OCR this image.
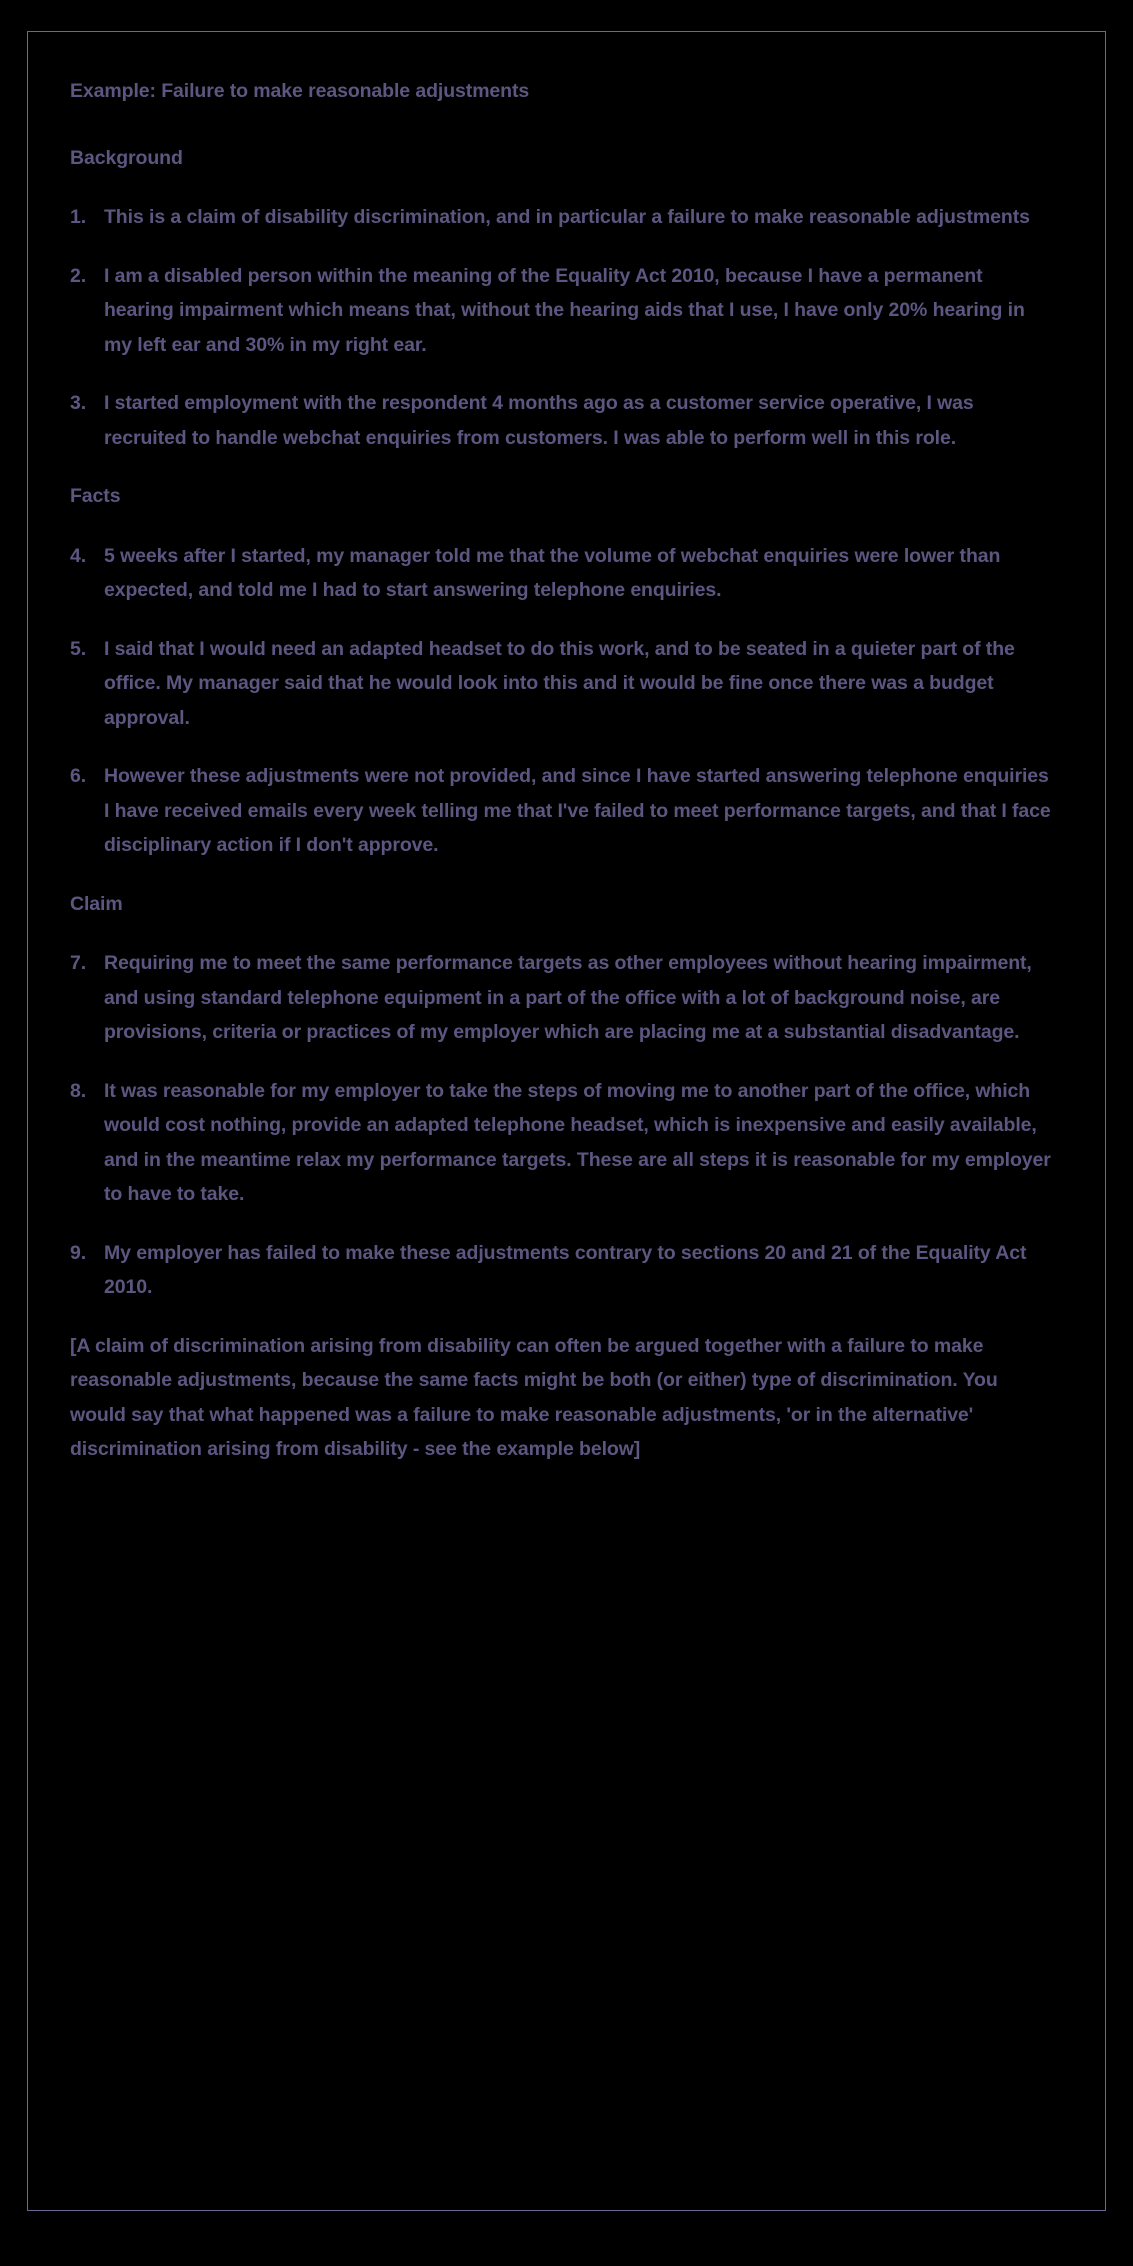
Example: Failure to make reasonable adjustments
Background
1. This is a claim of disability discrimination, and in particular a failure to make reasonable adjustments
2. I am a disabled person within the meaning of the Equality Act 2010, because I have a permanent hearing impairment which means that, without the hearing aids that I use, I have only 20% hearing in my left ear and 30% in my right ear.
3. I started employment with the respondent 4 months ago as a customer service operative, I was recruited to handle webchat enquiries from customers. I was able to perform well in this role.
Facts
4. 5 weeks after I started, my manager told me that the volume of webchat enquiries were lower than expected, and told me I had to start answering telephone enquiries.
5. I said that I would need an adapted headset to do this work, and to be seated in a quieter part of the office. My manager said that he would look into this and it would be fine once there was a budget approval.
6. However these adjustments were not provided, and since I have started answering telephone enquiries I have received emails every week telling me that I've failed to meet performance targets, and that I face disciplinary action if I don't approve.
Claim
7. Requiring me to meet the same performance targets as other employees without hearing impairment, and using standard telephone equipment in a part of the office with a lot of background noise, are provisions, criteria or practices of my employer which are placing me at a substantial disadvantage.
8. It was reasonable for my employer to take the steps of moving me to another part of the office, which would cost nothing, provide an adapted telephone headset, which is inexpensive and easily available, and in the meantime relax my performance targets. These are all steps it is reasonable for my employer to have to take.
9. My employer has failed to make these adjustments contrary to sections 20 and 21 of the Equality Act 2010.
[A claim of discrimination arising from disability can often be argued together with a failure to make reasonable adjustments, because the same facts might be both (or either) type of discrimination. You would say that what happened was a failure to make reasonable adjustments, 'or in the alternative' discrimination arising from disability - see the example below]
